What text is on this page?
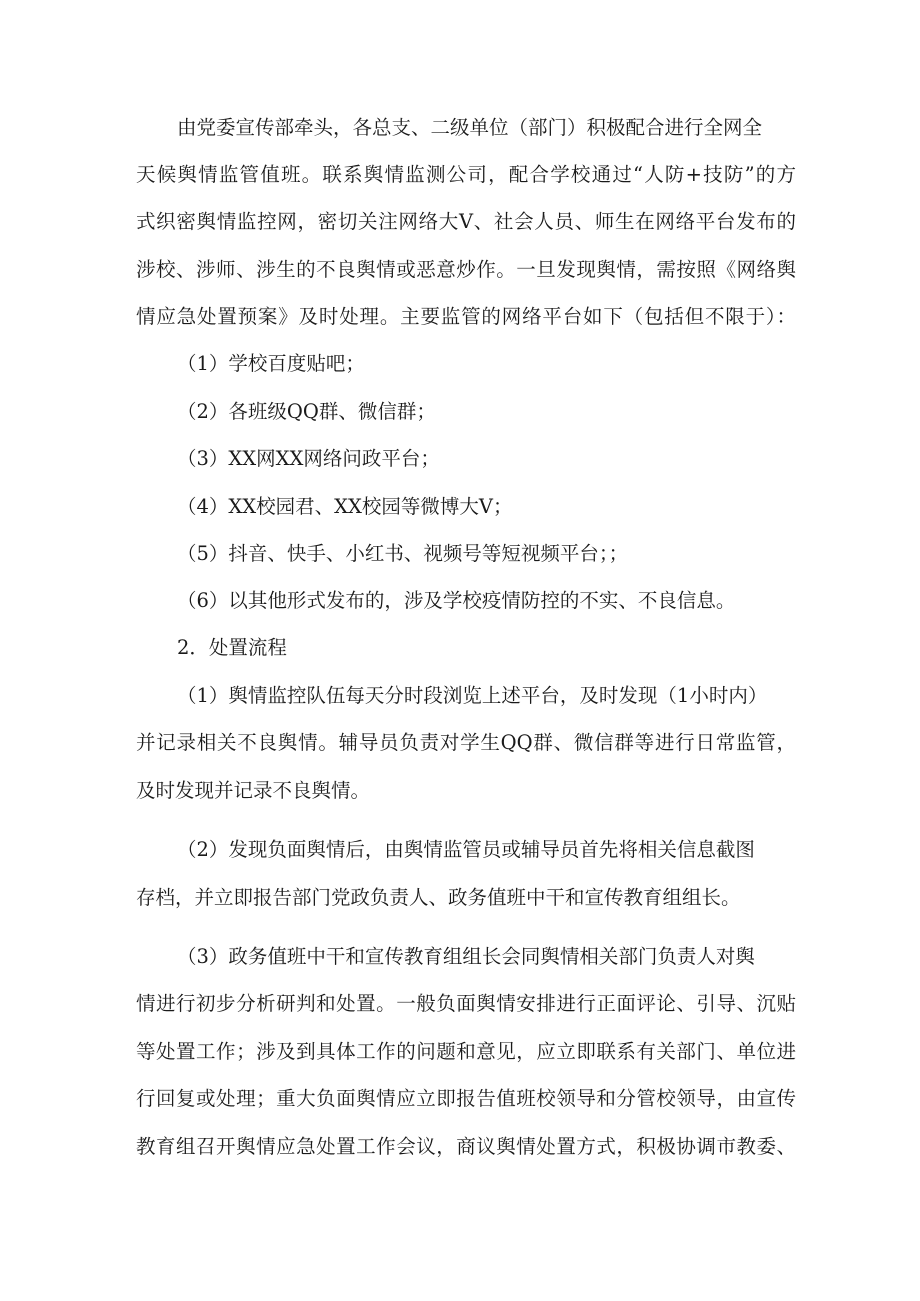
由党委宣传部牵头，各总支、二级单位（部门）积极配合进行全网全

天候舆情监管值班。联系舆情监测公司，配合学校通过“人防+技防”的方

式织密舆情监控网，密切关注网络大V、社会人员、师生在网络平台发布的

涉校、涉师、涉生的不良舆情或恶意炒作。一旦发现舆情，需按照《网络舆

情应急处置预案》及时处理。主要监管的网络平台如下（包括但不限于）：

（1）学校百度贴吧；

（2）各班级QQ群、微信群；

（3）XX网XX网络问政平台；

（4）XX校园君、XX校园等微博大V；

（5）抖音、快手、小红书、视频号等短视频平台；；

（6）以其他形式发布的，涉及学校疫情防控的不实、不良信息。

2．处置流程

（1）舆情监控队伍每天分时段浏览上述平台，及时发现（1小时内）

并记录相关不良舆情。辅导员负责对学生QQ群、微信群等进行日常监管，

及时发现并记录不良舆情。

（2）发现负面舆情后，由舆情监管员或辅导员首先将相关信息截图

存档，并立即报告部门党政负责人、政务值班中干和宣传教育组组长。

（3）政务值班中干和宣传教育组组长会同舆情相关部门负责人对舆

情进行初步分析研判和处置。一般负面舆情安排进行正面评论、引导、沉贴

等处置工作；涉及到具体工作的问题和意见，应立即联系有关部门、单位进

行回复或处理；重大负面舆情应立即报告值班校领导和分管校领导，由宣传

教育组召开舆情应急处置工作会议，商议舆情处置方式，积极协调市教委、
